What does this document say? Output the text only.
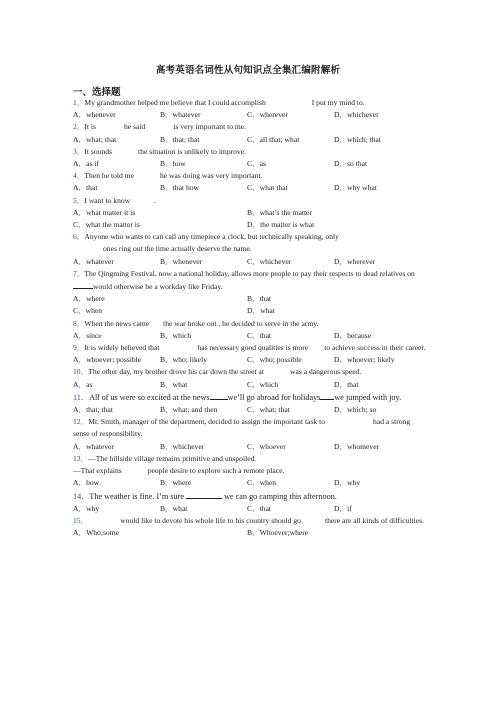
高考英语名词性从句知识点全集汇编附解析
一、选择题
1．My grandmother helped me believe that I could accomplish	I put my mind to.
A．whenever	B．whatever	C．wherever	D．whichever
2．It is	he said	is very important to me.
A．what; that	B．that; that	C．all that; what	D．which; that
3．It sounds	the situation is unlikely to improve.
A．as if	B．how	C．as	D．so that
4．Then he told me	he was doing was very important.
A．that	B．that how	C．what that	D．why what
5．I want to know	.
A．what matter it is	B．what’s the matter
C．what the matter is	D．the matter is what
6．Anyone who wants to can call any timepiece a clock, but technically speaking, only
ones ring out the time actually deserve the name.
A．whatever	B．whenever	C．whichever	D．wherever
7．The Qingming Festival, now a national holiday, allows more people to pay their respects to dead relatives onwould otherwise be a workday like Friday.
A．where	B．that
C．when	D．what
8．When the news came the war broke out , he decided to serve in the army.
A．since	B．which	C．that	D．because
9．It is widely believed that	has necessary good qualities is more to achieve success in their career.
A．whoever; possible	B．who; likely	C．who; possible	D．whoever; likely
10．The other day, my brother drove his car down the street at	was a dangerous speed.
A．as	B．what	C．which	D．that
11．All of us were so excited at the news we’ll go abroad for holidays we jumped with joy.
A．that; that	B．what; and then	C．what; that	D．which; so
12．Mr. Smith, manager of the department, decided to assign the important task to	had a strong sense of responsibility.
A．whatever	B．whichever	C．whoever	D．whomever
13．—The hillside village remains primitive and unspoiled.
—That explains	people desire to explore such a remote place.
A．how	B．where	C．when	D．why
14．The weather is fine. I’m sure	we can go camping this afternoon.
A．why	B．what	C．that	D．if
15．	would like to devote his whole life to his country should go	there are all kinds of difficulties.
A．Who;some	B．Whoever;where
